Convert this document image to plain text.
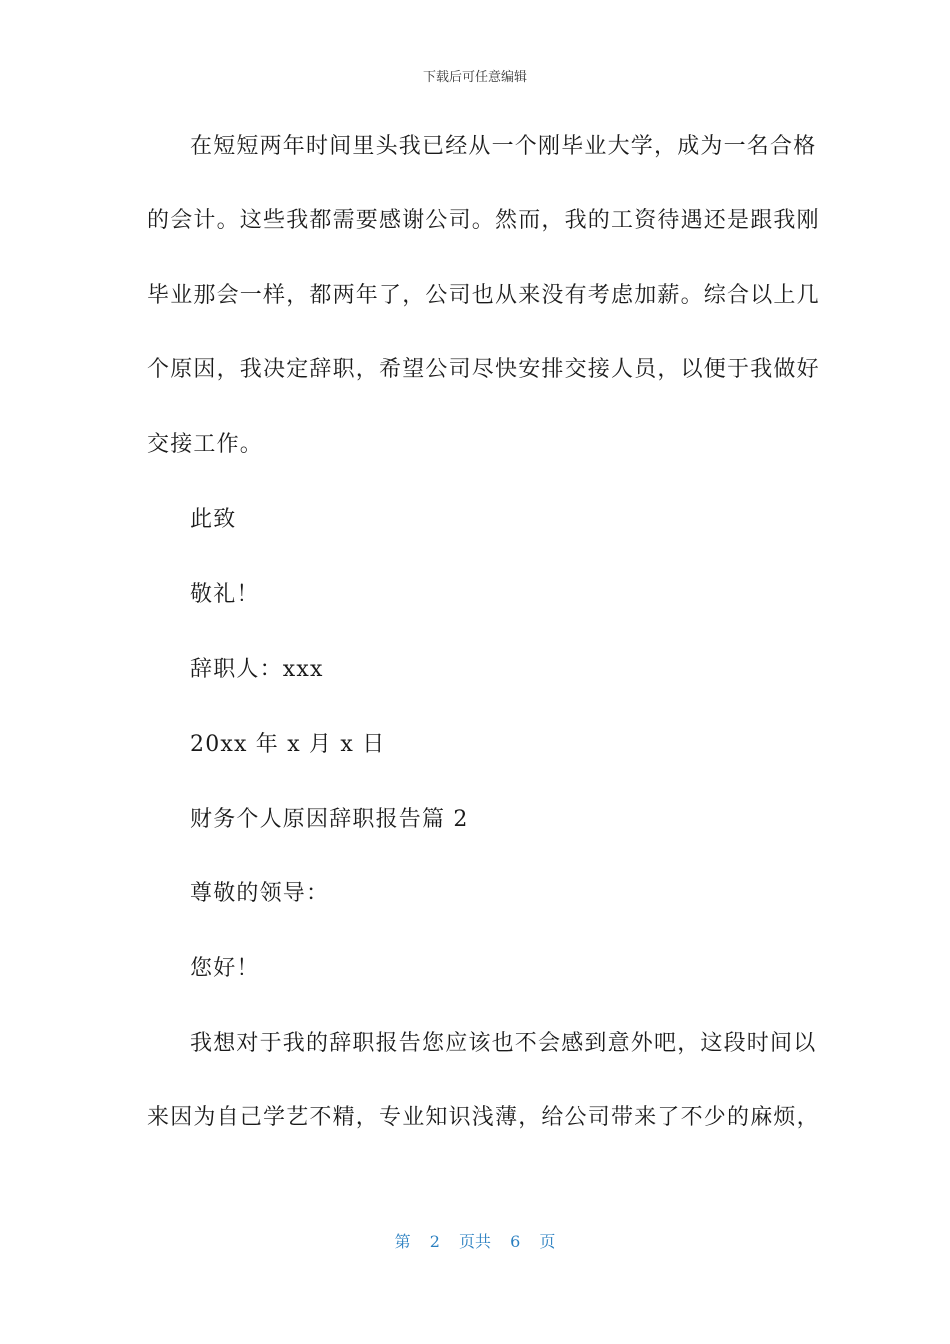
下载后可任意编辑
在短短两年时间里头我已经从一个刚毕业大学，成为一名合格
的会计。这些我都需要感谢公司。然而，我的工资待遇还是跟我刚
毕业那会一样，都两年了，公司也从来没有考虑加薪。综合以上几
个原因，我决定辞职，希望公司尽快安排交接人员，以便于我做好
交接工作。
此致
敬礼！
辞职人：xxx
20xx 年 x 月 x 日
财务个人原因辞职报告篇 2
尊敬的领导：
您好！
我想对于我的辞职报告您应该也不会感到意外吧，这段时间以
来因为自己学艺不精，专业知识浅薄，给公司带来了不少的麻烦，
第 2 页共 6 页
